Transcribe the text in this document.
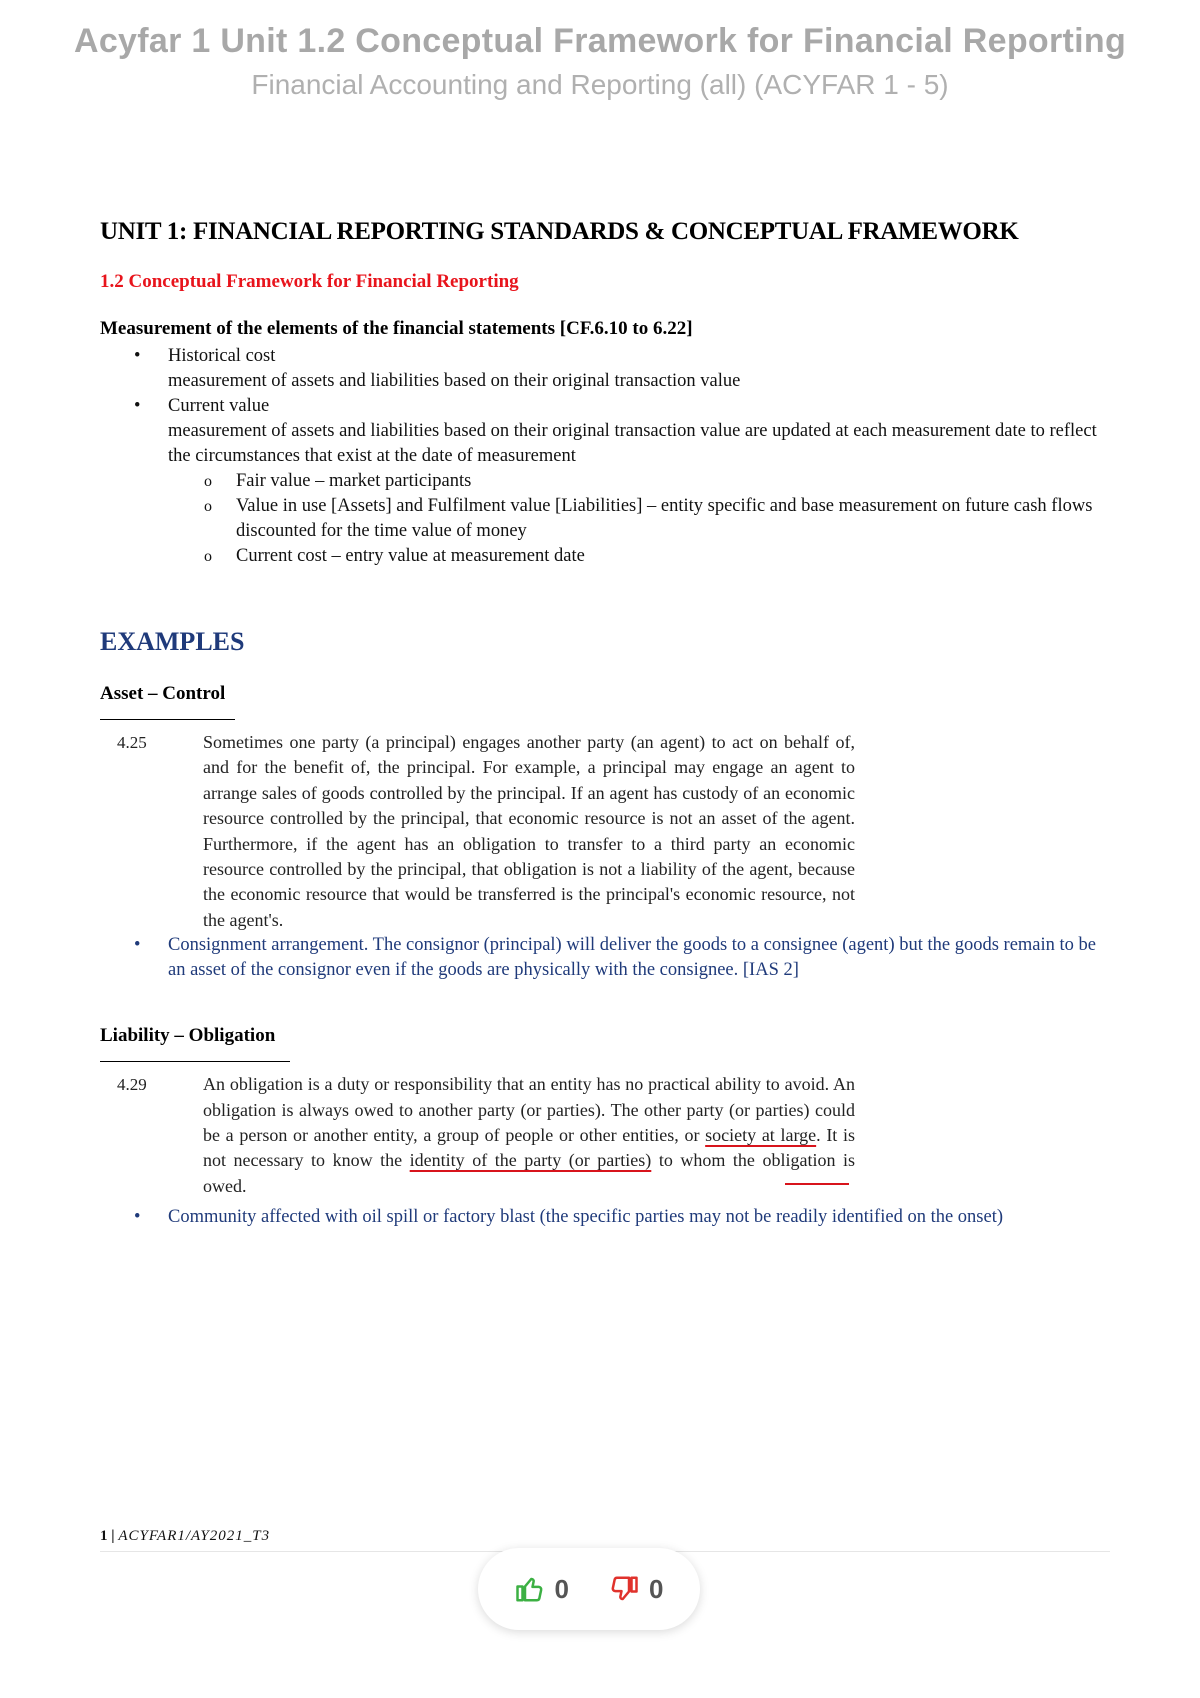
Acyfar 1 Unit 1.2 Conceptual Framework for Financial Reporting
Financial Accounting and Reporting (all) (ACYFAR 1 - 5)
UNIT 1: FINANCIAL REPORTING STANDARDS & CONCEPTUAL FRAMEWORK
1.2 Conceptual Framework for Financial Reporting
Measurement of the elements of the financial statements [CF.6.10 to 6.22]
• Historical cost
measurement of assets and liabilities based on their original transaction value
• Current value
measurement of assets and liabilities based on their original transaction value are updated at each measurement date to reflect the circumstances that exist at the date of measurement
o Fair value – market participants
o Value in use [Assets] and Fulfilment value [Liabilities] – entity specific and base measurement on future cash flows discounted for the time value of money
o Current cost – entry value at measurement date
EXAMPLES
Asset – Control
4.25	Sometimes one party (a principal) engages another party (an agent) to act on behalf of, and for the benefit of, the principal. For example, a principal may engage an agent to arrange sales of goods controlled by the principal. If an agent has custody of an economic resource controlled by the principal, that economic resource is not an asset of the agent. Furthermore, if the agent has an obligation to transfer to a third party an economic resource controlled by the principal, that obligation is not a liability of the agent, because the economic resource that would be transferred is the principal's economic resource, not the agent's.
• Consignment arrangement. The consignor (principal) will deliver the goods to a consignee (agent) but the goods remain to be an asset of the consignor even if the goods are physically with the consignee. [IAS 2]
Liability – Obligation
4.29	An obligation is a duty or responsibility that an entity has no practical ability to avoid. An obligation is always owed to another party (or parties). The other party (or parties) could be a person or another entity, a group of people or other entities, or society at large. It is not necessary to know the identity of the party (or parties) to whom the obligation is owed.
• Community affected with oil spill or factory blast (the specific parties may not be readily identified on the onset)
1 | ACYFAR1/AY2021_T3
0	0
